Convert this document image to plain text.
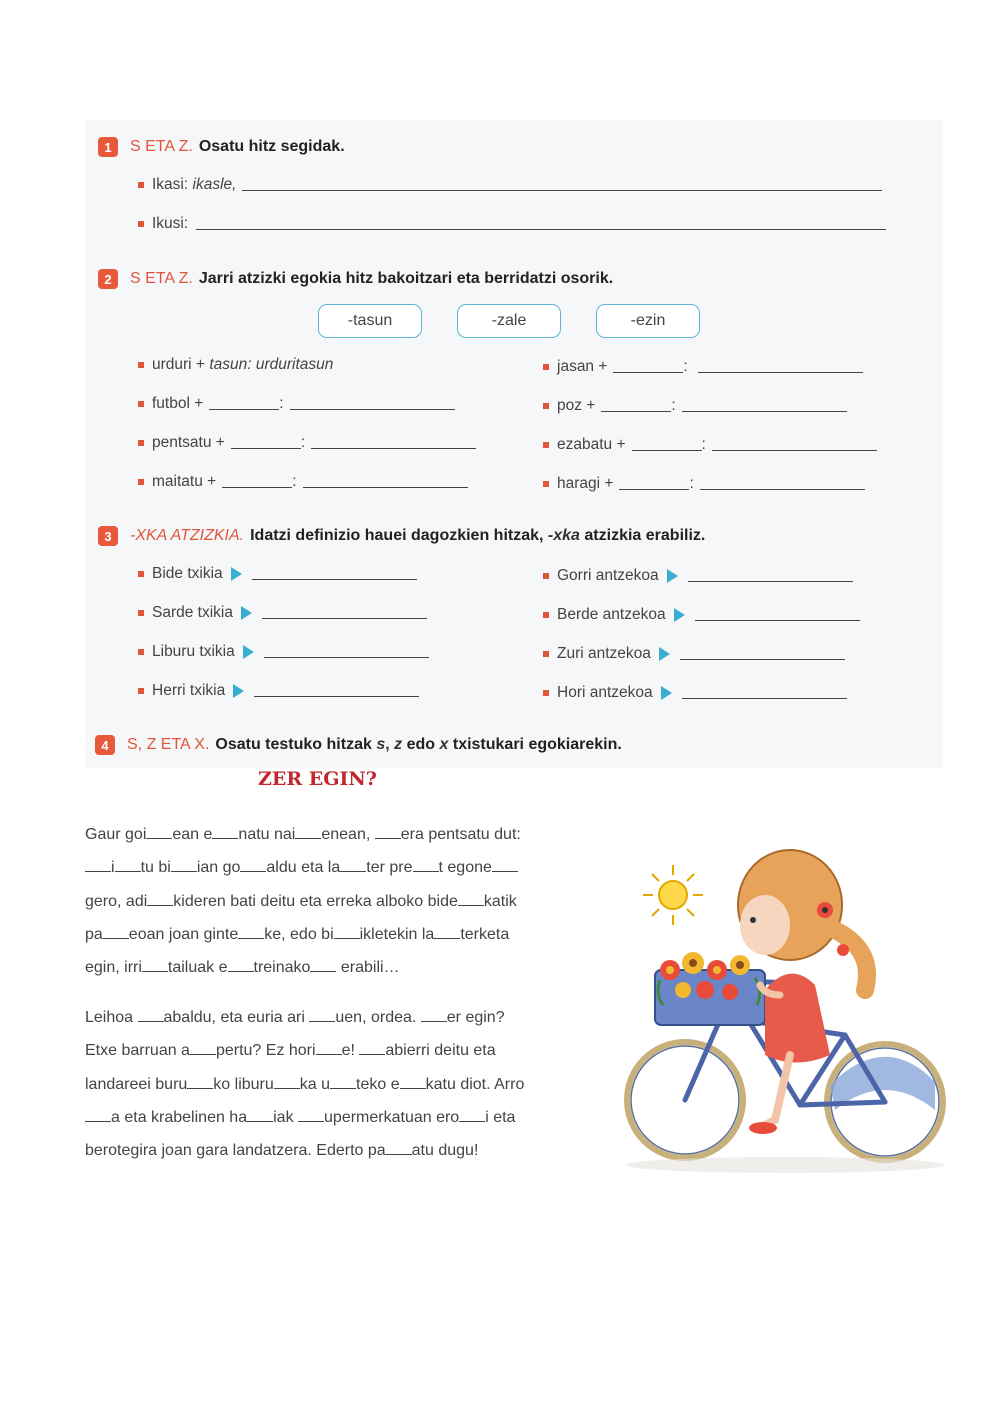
1	S ETA Z. Osatu hitz segidak.
Ikasi:
ikasle,
Ikusi:
2	S ETA Z. Jarri atzizki egokia hitz bakoitzari eta berridatzi osorik.
-tasun	-zale	-ezin
urduri +
tasun: urduritasun
futbol +	:
pentsatu +	:
maitatu +	:
jasan +	:
poz +	:
ezabatu +	:
haragi +	:
3	-XKA ATZIZKIA. Idatzi definizio hauei dagozkien hitzak,
-xka
atzizkia erabiliz.
Bide txikia
Sarde txikia
Liburu txikia
Herri txikia
Gorri antzekoa
Berde antzekoa
Zuri antzekoa
Hori antzekoa
4	S, Z ETA X. Osatu testuko hitzak
s ,
z
edo
x
txistukari egokiarekin.
ZER EGIN?
Gaur goi ean e natu nai enean, era pentsatu dut:
i tu bi ian go aldu eta la ter pre t egone
gero, adi kideren bati deitu eta erreka alboko bide katik
pa eoan joan ginte ke, edo bi ikletekin la terketa
egin, irri tailuak e treinako erabili…
Leihoa abaldu, eta euria ari uen, ordea. er egin?
Etxe barruan a pertu? Ez hori e! abierri deitu eta
landareei buru ko liburu ka u teko e katu diot. Arro
a eta krabelinen ha iak upermerkatuan ero i eta
berotegira joan gara landatzera. Ederto pa atu dugu!
